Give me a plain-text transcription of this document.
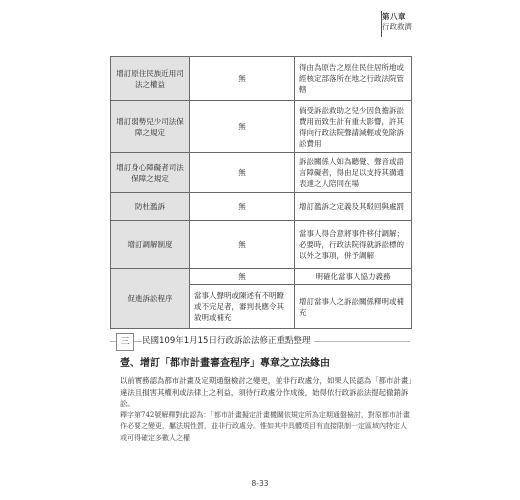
第八章
行政救濟
增訂原住民族近用司法之權益	無	得由為原告之原住民住居所地或經核定部落所在地之行政法院管轄
增訂弱勢兒少司法保障之規定	無	倘受訴訟救助之兒少因負擔訴訟費用而致生計有重大影響，許其得向行政法院聲請減輕或免除訴訟費用
增訂身心障礙者司法保障之規定	無	訴訟關係人如為聽覺、聲音或語言障礙者，得由足以支持其溝通表達之人陪同在場
防杜濫訴	無	增訂濫訴之定義及其駁回與處罰
增訂調解制度	無	當事人得合意將事件移付調解；必要時，行政法院得就訴訟標的以外之事項，併予調解
促進訴訟程序	無	明確化當事人協力義務
	當事人聲明或陳述有不明瞭或不完足者，審判長應令其敘明或補充	增訂當事人之訴訟關係釋明或補充
三	民國109年1月15日行政訴訟法修正重點整理
壹、增訂「都市計畫審查程序」專章之立法緣由

以前實務認為都市計畫及定期通盤檢討之變更，並非行政處分，如果人民認為「都市計畫」違法且損害其權利或法律上之利益，須待行政處分作成後，始得依行政訴訟法提起撤銷訴訟。

釋字第742號解釋對此認為：「都市計畫擬定計畫機關依規定所為定期通盤檢討，對原都市計畫作必要之變更，屬法規性質，並非行政處分。惟如其中具體項目有直接限制一定區域內特定人或可得確定多數人之權

8-33
